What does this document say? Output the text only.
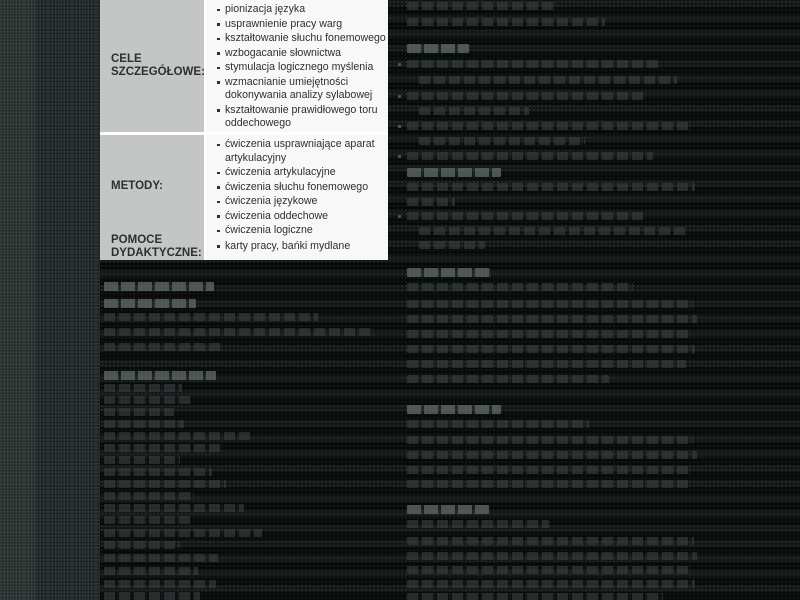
CELE SZCZEGÓŁOWE:
pionizacja języka
usprawnienie pracy warg
kształtowanie słuchu fonemowego
wzbogacanie słownictwa
stymulacja logicznego myślenia
wzmacnianie umiejętności dokonywania analizy sylabowej
kształtowanie prawidłowego toru oddechowego
METODY:
ćwiczenia usprawniające aparat artykulacyjny
ćwiczenia artykulacyjne
ćwiczenia słuchu fonemowego
ćwiczenia językowe
ćwiczenia oddechowe
ćwiczenia logiczne
POMOCE DYDAKTYCZNE:
karty pracy, bańki mydlane
